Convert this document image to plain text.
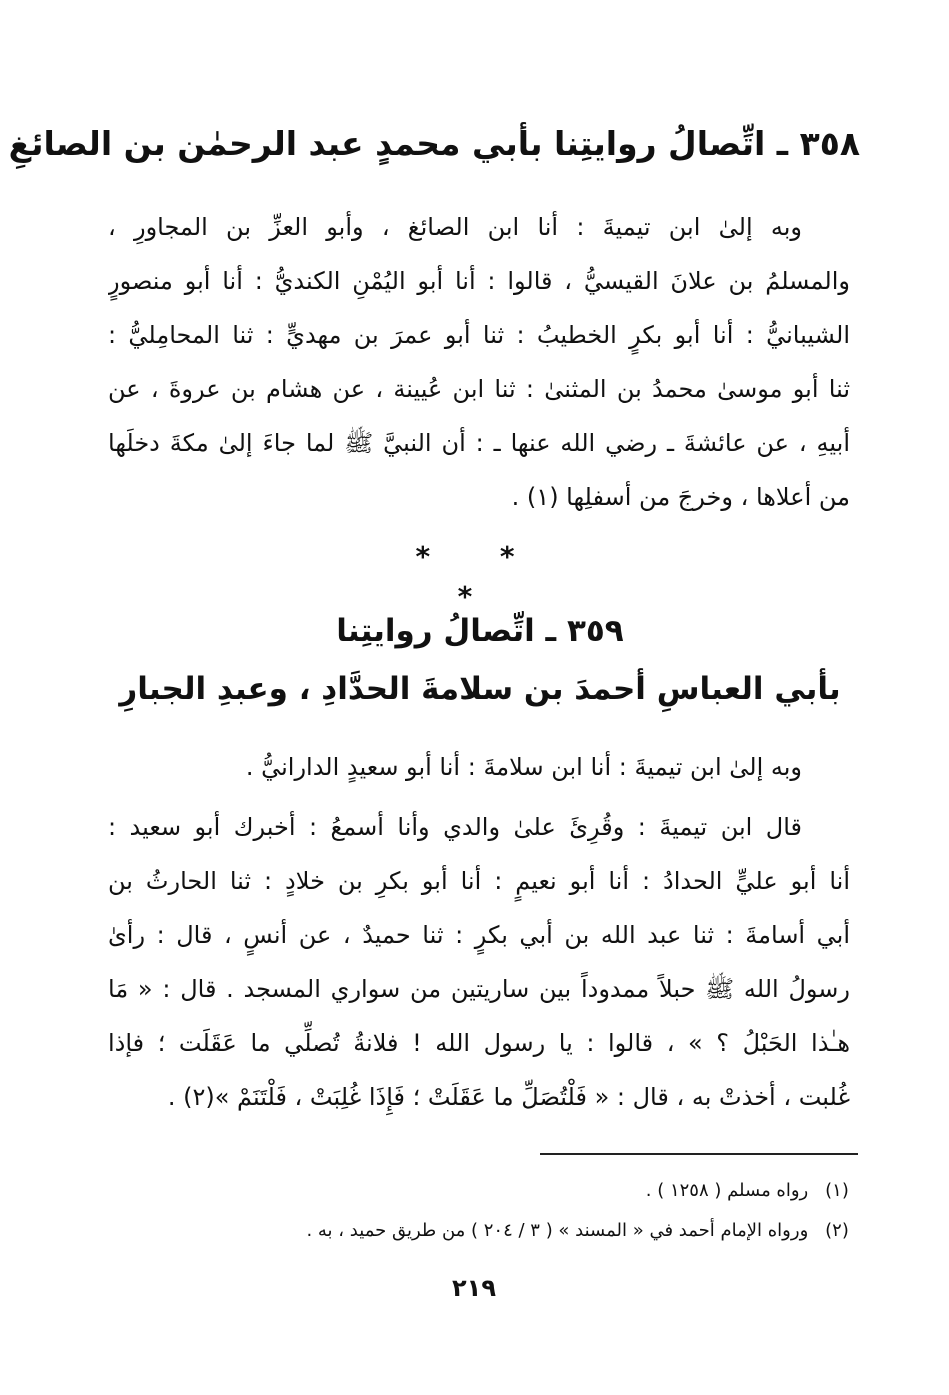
٣٥٨ ـ اتِّصالُ روايتِنا بأبي محمدٍ عبد الرحمٰن بن الصائغِ
وبه إلىٰ ابن تيميةَ : أنا ابن الصائغ ، وأبو العزِّ بن المجاورِ ،
والمسلمُ بن علانَ القيسيُّ ، قالوا : أنا أبو اليُمْنِ الكنديُّ : أنا أبو منصورٍ
الشيبانيُّ : أنا أبو بكرٍ الخطيبُ : ثنا أبو عمرَ بن مهديٍّ : ثنا المحامِليُّ :
ثنا أبو موسىٰ محمدُ بن المثنىٰ : ثنا ابن عُيينة ، عن هشام بن عروةَ ، عن
أبيهِ ، عن عائشةَ ـ رضي الله عنها ـ : أن النبيَّ ﷺ لما جاءَ إلىٰ مكةَ دخلَها
من أعلاها ، وخرجَ من أسفلِها (١) .
* * *
٣٥٩ ـ اتِّصالُ روايتِنا
بأبي العباسِ أحمدَ بن سلامةَ الحدَّادِ ، وعبدِ الجبارِ
وبه إلىٰ ابن تيميةَ : أنا ابن سلامةَ : أنا أبو سعيدٍ الدارانيُّ .
قال ابن تيميةَ : وقُرِئَ علىٰ والدي وأنا أسمعُ : أخبرك أبو سعيد :
أنا أبو عليٍّ الحدادُ : أنا أبو نعيمٍ : أنا أبو بكرِ بن خلادٍ : ثنا الحارثُ بن
أبي أسامةَ : ثنا عبد الله بن أبي بكرٍ : ثنا حميدٌ ، عن أنسٍ ، قال : رأىٰ
رسولُ الله ﷺ حبلاً ممدوداً بين ساريتين من سواري المسجد . قال : « مَا
هـٰذا الحَبْلُ ؟ » ، قالوا : يا رسول الله ! فلانةُ تُصلِّي ما عَقَلَت ؛ فإذا
غُلبت ، أخذتْ به ، قال : « فَلْتُصَلِّ ما عَقَلَتْ ؛ فَإِذَا غُلِبَتْ ، فَلْتَنَمْ »(٢) .
(١) رواه مسلم ( ١٢٥٨ ) .
(٢) ورواه الإمام أحمد في « المسند » ( ٣ / ٢٠٤ ) من طريق حميد ، به .
٢١٩
